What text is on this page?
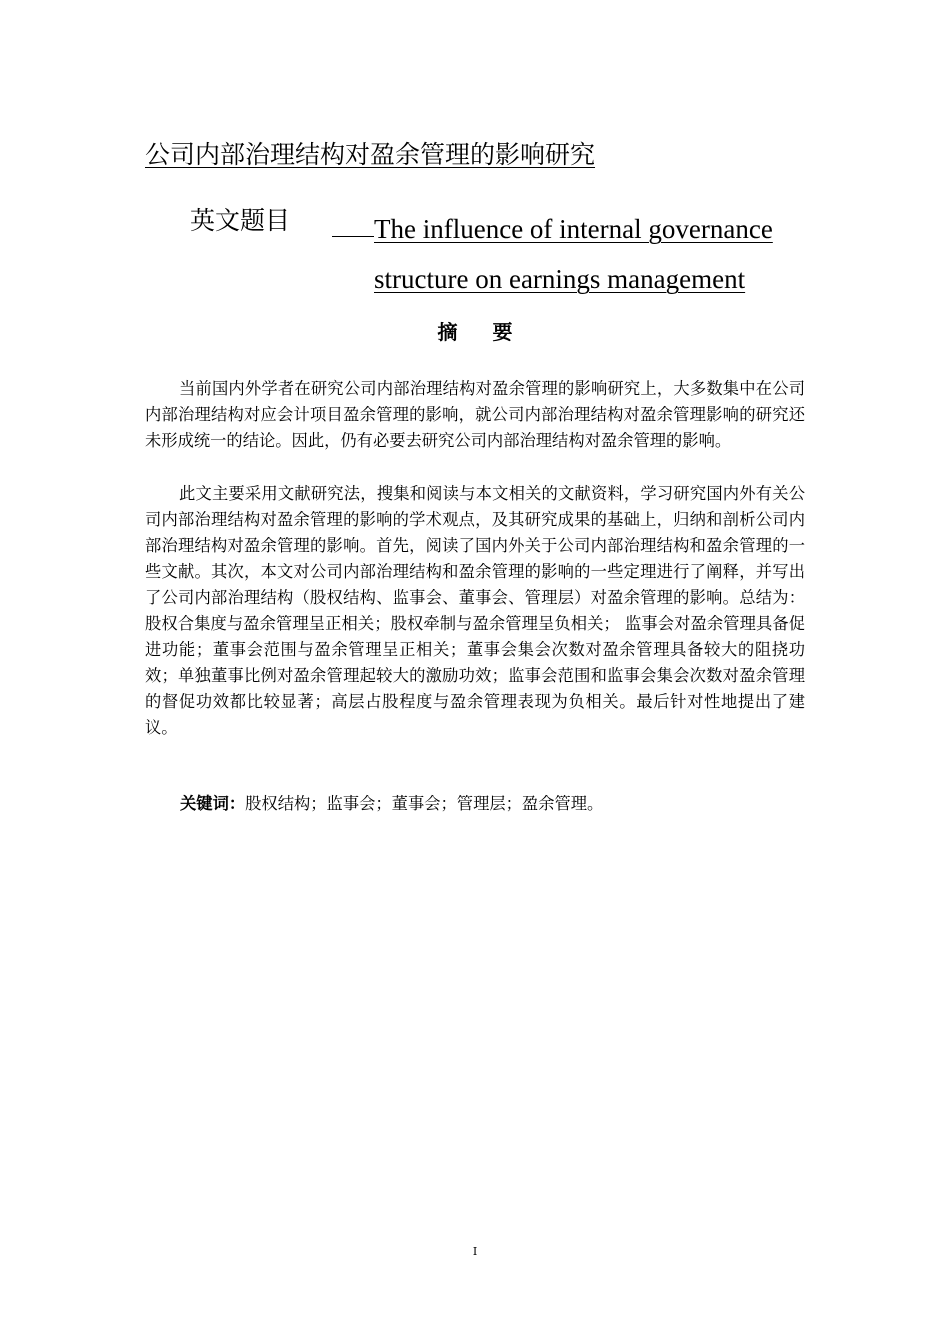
公司内部治理结构对盈余管理的影响研究
英文题目	The influence of internal governance structure on earnings management
摘 要

当前国内外学者在研究公司内部治理结构对盈余管理的影响研究上，大多数集中在公司内部治理结构对应会计项目盈余管理的影响，就公司内部治理结构对盈余管理影响的研究还未形成统一的结论。因此，仍有必要去研究公司内部治理结构对盈余管理的影响。

此文主要采用文献研究法，搜集和阅读与本文相关的文献资料，学习研究国内外有关公司内部治理结构对盈余管理的影响的学术观点，及其研究成果的基础上，归纳和剖析公司内部治理结构对盈余管理的影响。首先，阅读了国内外关于公司内部治理结构和盈余管理的一些文献。其次，本文对公司内部治理结构和盈余管理的影响的一些定理进行了阐释，并写出了公司内部治理结构（股权结构、监事会、董事会、管理层）对盈余管理的影响。总结为：股权合集度与盈余管理呈正相关；股权牵制与盈余管理呈负相关； 监事会对盈余管理具备促进功能；董事会范围与盈余管理呈正相关；董事会集会次数对盈余管理具备较大的阻挠功效；单独董事比例对盈余管理起较大的激励功效；监事会范围和监事会集会次数对盈余管理的督促功效都比较显著；高层占股程度与盈余管理表现为负相关。最后针对性地提出了建议。

关键词：股权结构；监事会；董事会；管理层；盈余管理。
I
